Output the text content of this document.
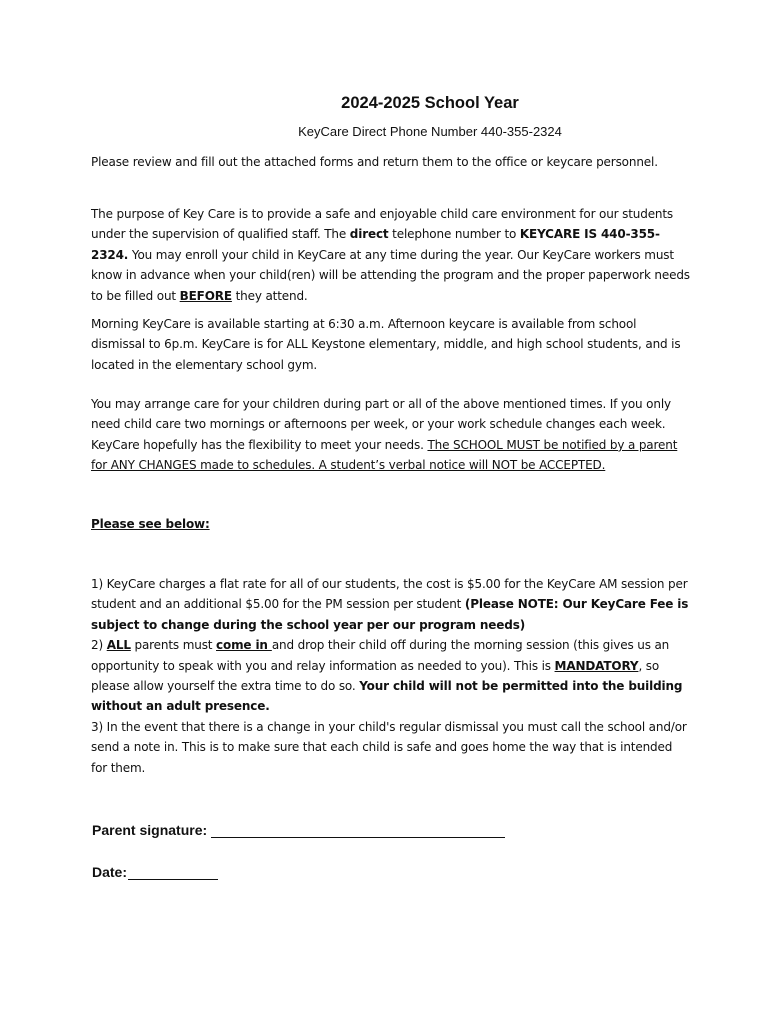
2024-2025 School Year
KeyCare Direct Phone Number 440-355-2324

Please review and fill out the attached forms and return them to the office or keycare personnel.

The purpose of Key Care is to provide a safe and enjoyable child care environment for our students under the supervision of qualified staff. The direct telephone number to KEYCARE IS 440-355-2324. You may enroll your child in KeyCare at any time during the year. Our KeyCare workers must know in advance when your child(ren) will be attending the program and the proper paperwork needs to be filled out BEFORE they attend.

Morning KeyCare is available starting at 6:30 a.m. Afternoon keycare is available from school dismissal to 6p.m. KeyCare is for ALL Keystone elementary, middle, and high school students, and is located in the elementary school gym.

You may arrange care for your children during part or all of the above mentioned times. If you only need child care two mornings or afternoons per week, or your work schedule changes each week. KeyCare hopefully has the flexibility to meet your needs. The SCHOOL MUST be notified by a parent for ANY CHANGES made to schedules. A student’s verbal notice will NOT be ACCEPTED.

Please see below:

1) KeyCare charges a flat rate for all of our students, the cost is $5.00 for the KeyCare AM session per student and an additional $5.00 for the PM session per student (Please NOTE: Our KeyCare Fee is subject to change during the school year per our program needs)

2) ALL parents must come in and drop their child off during the morning session (this gives us an opportunity to speak with you and relay information as needed to you). This is MANDATORY, so please allow yourself the extra time to do so. Your child will not be permitted into the building without an adult presence.

3) In the event that there is a change in your child's regular dismissal you must call the school and/or send a note in. This is to make sure that each child is safe and goes home the way that is intended for them.

Parent signature:
Date:
